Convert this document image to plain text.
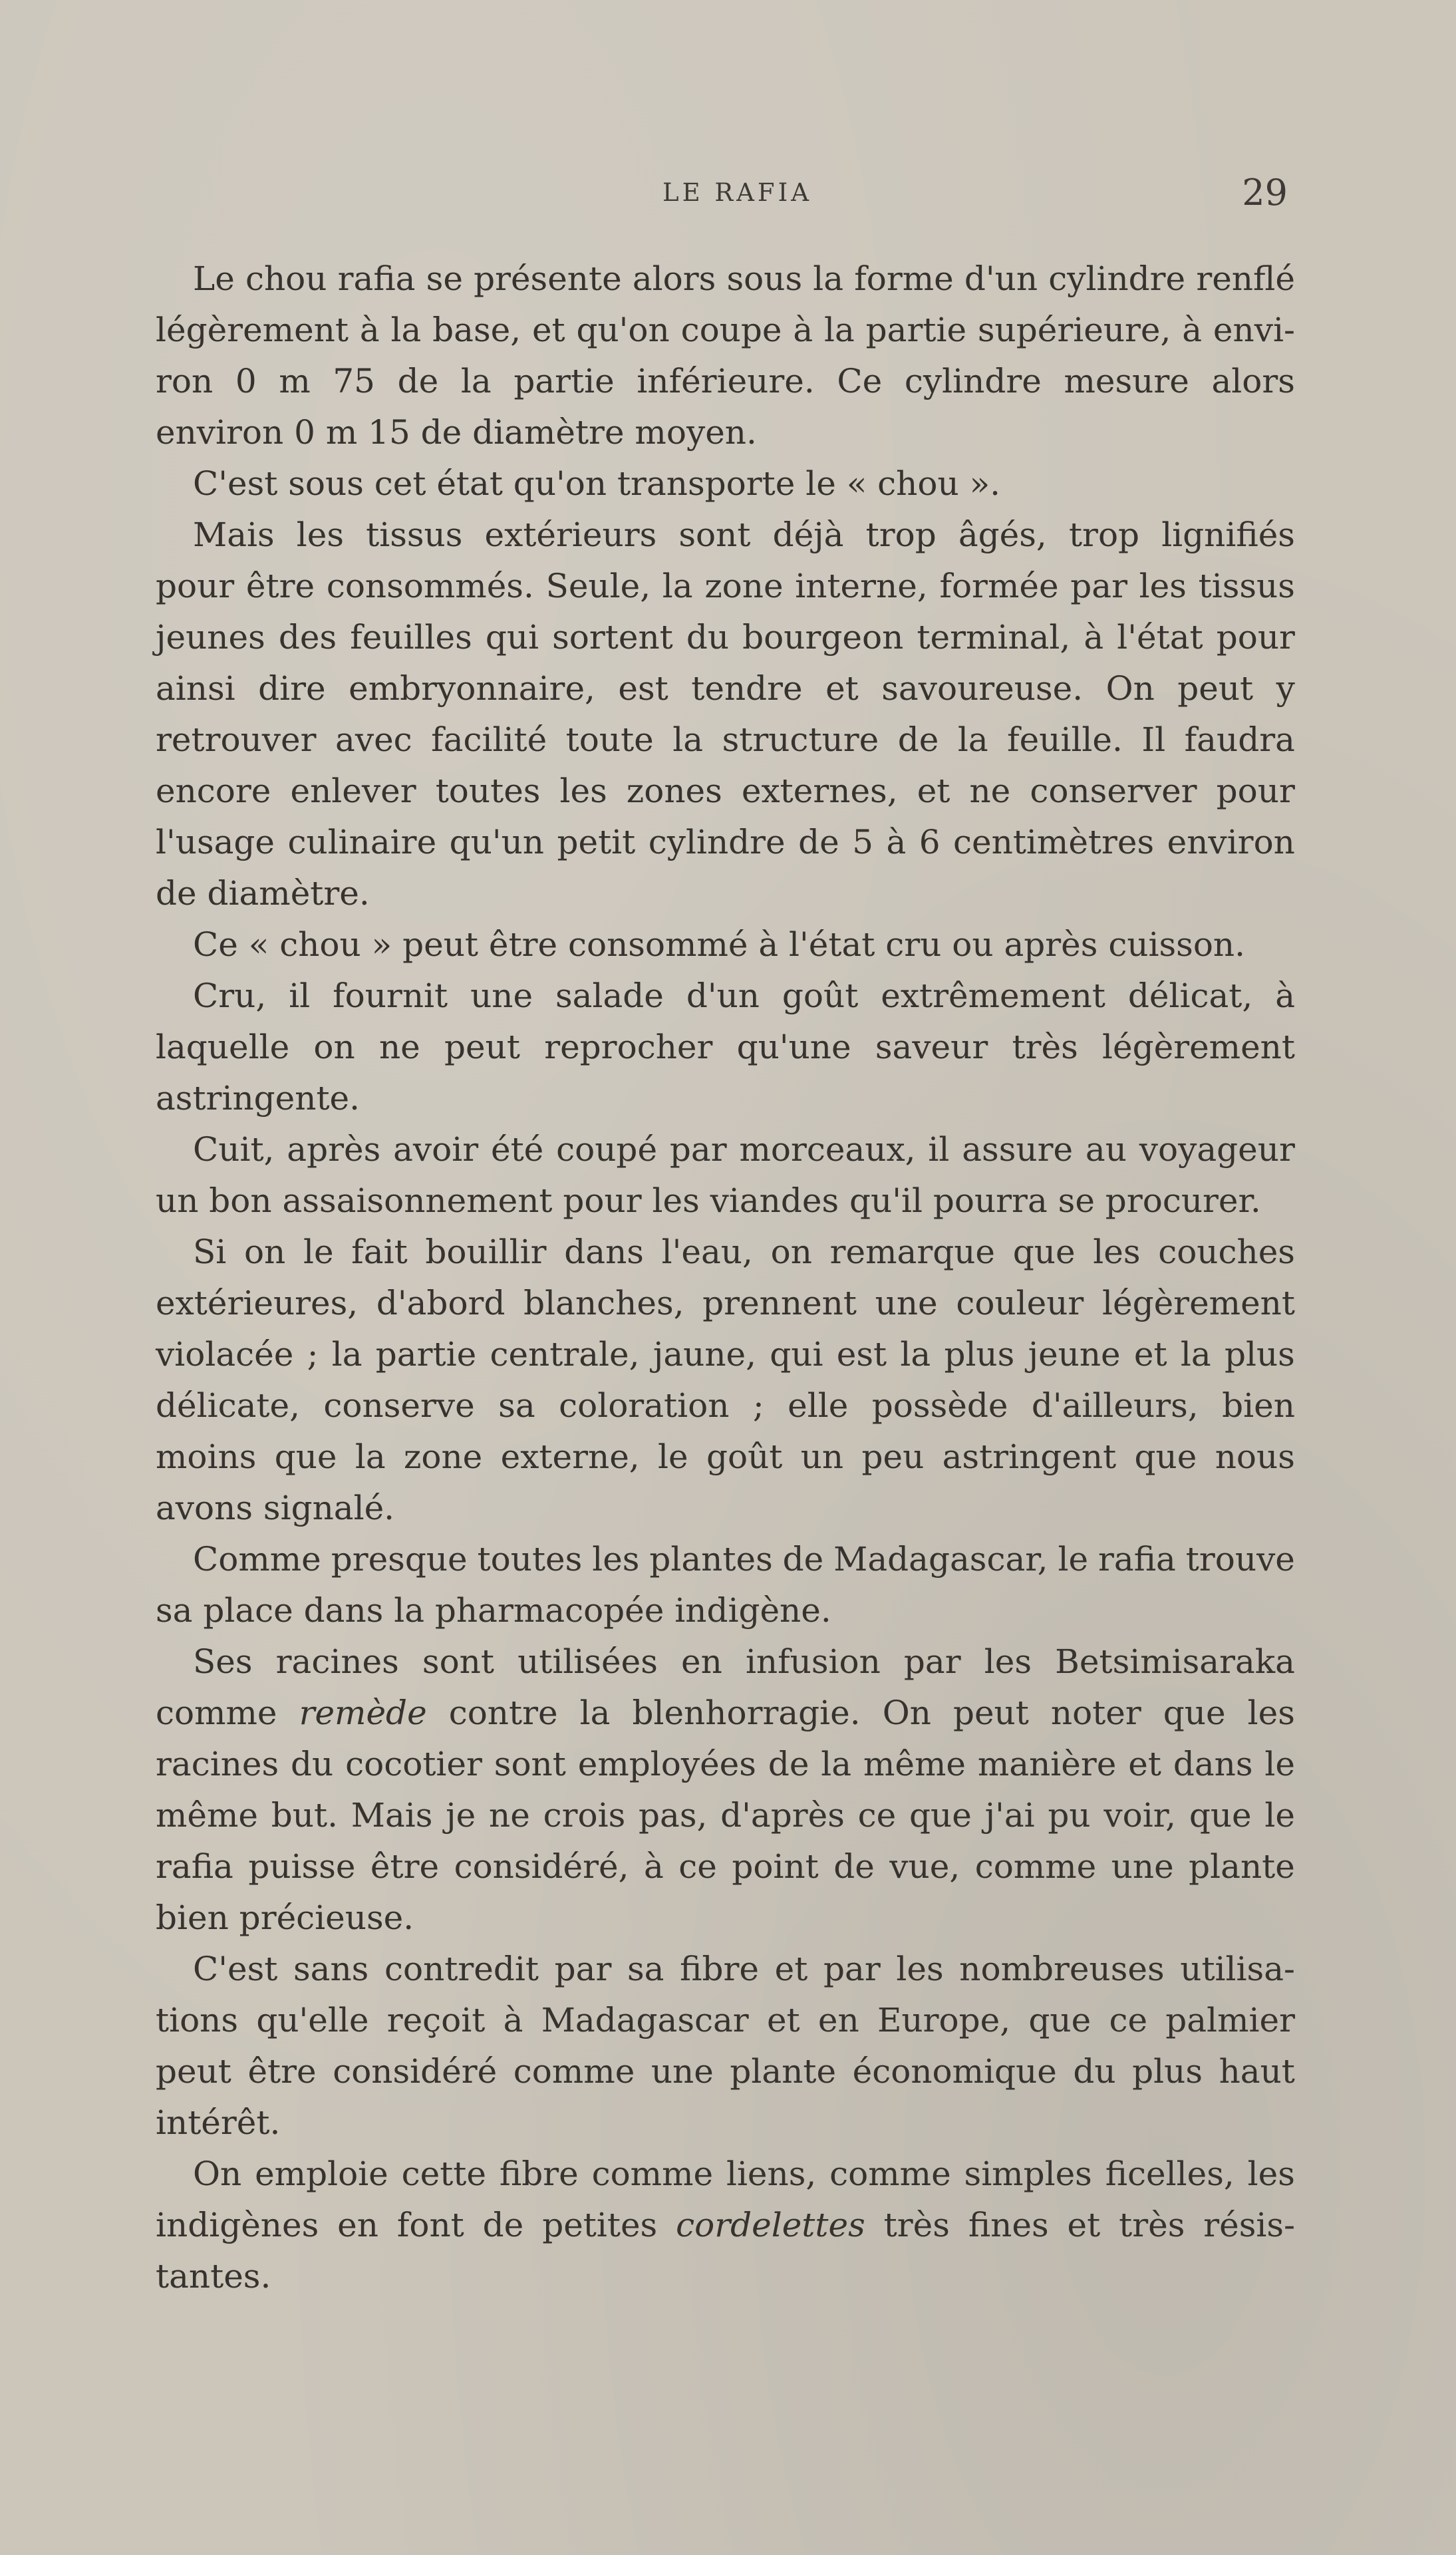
LE RAFIA	29
Le chou rafia se présente alors sous la forme d'un cylindre renflé
légèrement à la base, et qu'on coupe à la partie supérieure, à envi-
ron 0 m 75 de la partie inférieure. Ce cylindre mesure alors
environ 0 m 15 de diamètre moyen.
C'est sous cet état qu'on transporte le « chou ».
Mais les tissus extérieurs sont déjà trop âgés, trop lignifiés
pour être consommés. Seule, la zone interne, formée par les tissus
jeunes des feuilles qui sortent du bourgeon terminal, à l'état pour
ainsi dire embryonnaire, est tendre et savoureuse. On peut y
retrouver avec facilité toute la structure de la feuille. Il faudra
encore enlever toutes les zones externes, et ne conserver pour
l'usage culinaire qu'un petit cylindre de 5 à 6 centimètres environ
de diamètre.
Ce « chou » peut être consommé à l'état cru ou après cuisson.
Cru, il fournit une salade d'un goût extrêmement délicat, à
laquelle on ne peut reprocher qu'une saveur très légèrement
astringente.
Cuit, après avoir été coupé par morceaux, il assure au voyageur
un bon assaisonnement pour les viandes qu'il pourra se procurer.
Si on le fait bouillir dans l'eau, on remarque que les couches
extérieures, d'abord blanches, prennent une couleur légèrement
violacée ; la partie centrale, jaune, qui est la plus jeune et la plus
délicate, conserve sa coloration ; elle possède d'ailleurs, bien
moins que la zone externe, le goût un peu astringent que nous
avons signalé.
Comme presque toutes les plantes de Madagascar, le rafia trouve
sa place dans la pharmacopée indigène.
Ses racines sont utilisées en infusion par les Betsimisaraka
comme remède contre la blenhorragie. On peut noter que les
racines du cocotier sont employées de la même manière et dans le
même but. Mais je ne crois pas, d'après ce que j'ai pu voir, que le
rafia puisse être considéré, à ce point de vue, comme une plante
bien précieuse.
C'est sans contredit par sa fibre et par les nombreuses utilisa-
tions qu'elle reçoit à Madagascar et en Europe, que ce palmier
peut être considéré comme une plante économique du plus haut
intérêt.
On emploie cette fibre comme liens, comme simples ficelles, les
indigènes en font de petites cordelettes très fines et très résis-
tantes.
